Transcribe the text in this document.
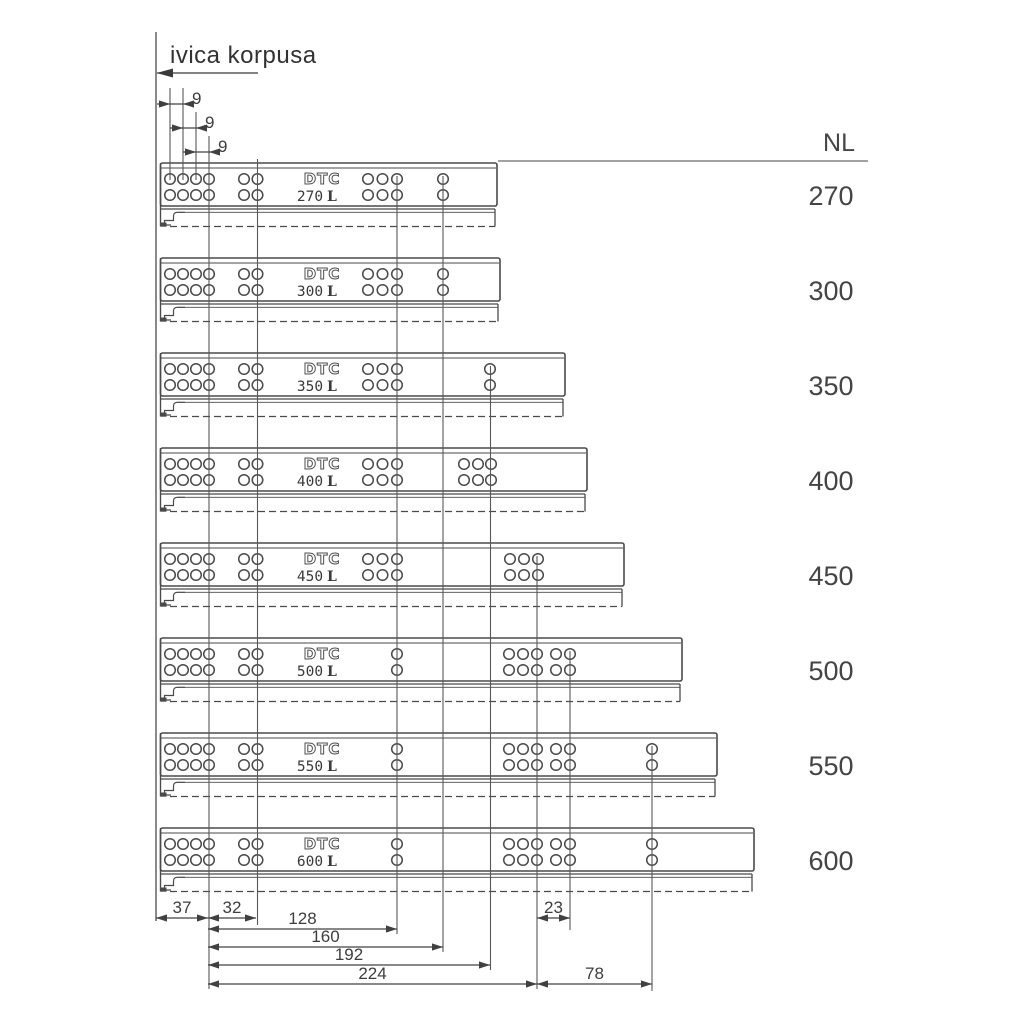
DTC
270 L
DTC
300 L
DTC
350 L
DTC
400 L
DTC
450 L
DTC
500 L
DTC
550 L
DTC
600 L
270
300
350
400
450
500
550
600
9
9
9
37 32	23
128
160
192
224	78
ivica korpusa
NL
